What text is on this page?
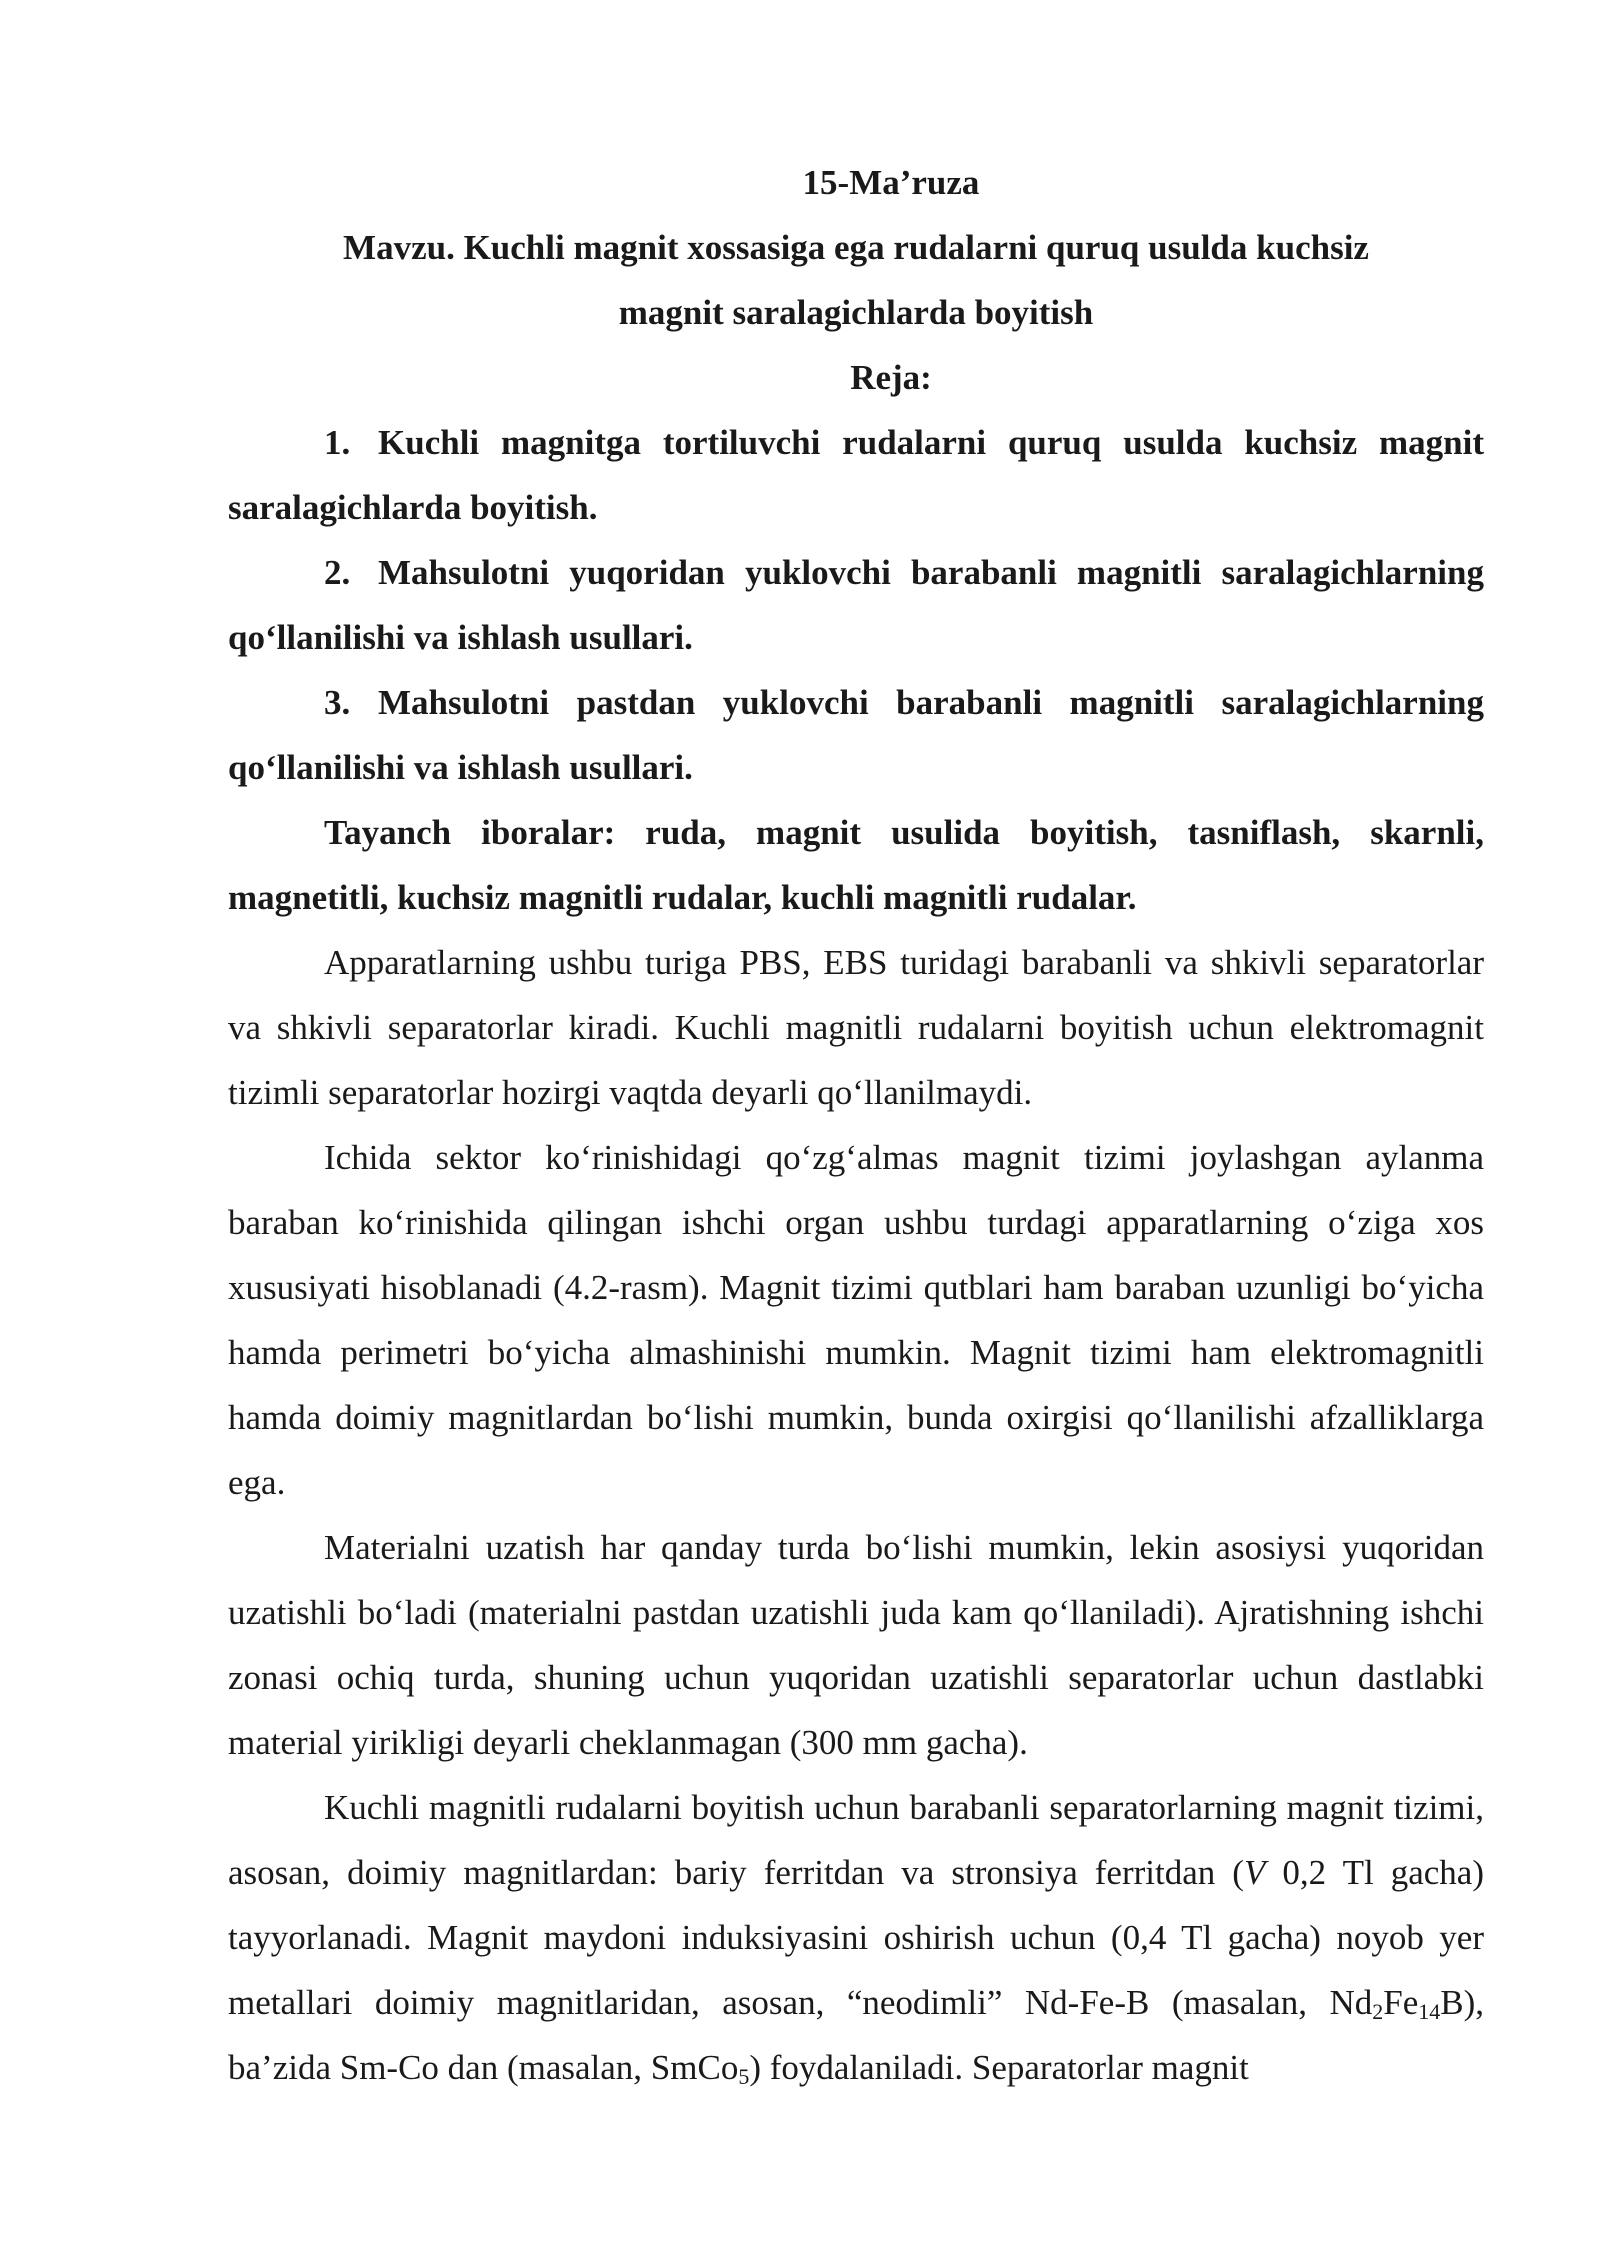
15-Ma’ruza
Mavzu. Kuchli magnit xossasiga ega rudalarni quruq usulda kuchsiz
magnit saralagichlarda boyitish
Reja:
1. Kuchli magnitga tortiluvchi rudalarni quruq usulda kuchsiz magnit saralagichlarda boyitish.
2. Mahsulotni yuqoridan yuklovchi barabanli magnitli saralagichlarning qo‘llanilishi va ishlash usullari.
3. Mahsulotni pastdan yuklovchi barabanli magnitli saralagichlarning qo‘llanilishi va ishlash usullari.

Tayanch iboralar: ruda, magnit usulida boyitish, tasniflash, skarnli, magnetitli, kuchsiz magnitli rudalar, kuchli magnitli rudalar.

Apparatlarning ushbu turiga PBS, EBS turidagi barabanli va shkivli separatorlar va shkivli separatorlar kiradi. Kuchli magnitli rudalarni boyitish uchun elektromagnit tizimli separatorlar hozirgi vaqtda deyarli qo‘llanilmaydi.

Ichida sektor ko‘rinishidagi qo‘zg‘almas magnit tizimi joylashgan aylanma baraban ko‘rinishida qilingan ishchi organ ushbu turdagi apparatlarning o‘ziga xos xususiyati hisoblanadi (4.2-rasm). Magnit tizimi qutblari ham baraban uzunligi bo‘yicha hamda perimetri bo‘yicha almashinishi mumkin. Magnit tizimi ham elektromagnitli hamda doimiy magnitlardan bo‘lishi mumkin, bunda oxirgisi qo‘llanilishi afzalliklarga ega.

Materialni uzatish har qanday turda bo‘lishi mumkin, lekin asosiysi yuqoridan uzatishli bo‘ladi (materialni pastdan uzatishli juda kam qo‘llaniladi). Ajratishning ishchi zonasi ochiq turda, shuning uchun yuqoridan uzatishli separatorlar uchun dastlabki material yirikligi deyarli cheklanmagan (300 mm gacha).

Kuchli magnitli rudalarni boyitish uchun barabanli separatorlarning magnit tizimi, asosan, doimiy magnitlardan: bariy ferritdan va stronsiya ferritdan (V 0,2 Tl gacha) tayyorlanadi. Magnit maydoni induksiyasini oshirish uchun (0,4 Tl gacha) noyob yer metallari doimiy magnitlaridan, asosan, “neodimli” Nd-Fe-B (masalan, $Nd_2Fe_{14}B$), ba’zida Sm-Co dan (masalan, SmCo$_5$) foydalaniladi. Separatorlar magnit
